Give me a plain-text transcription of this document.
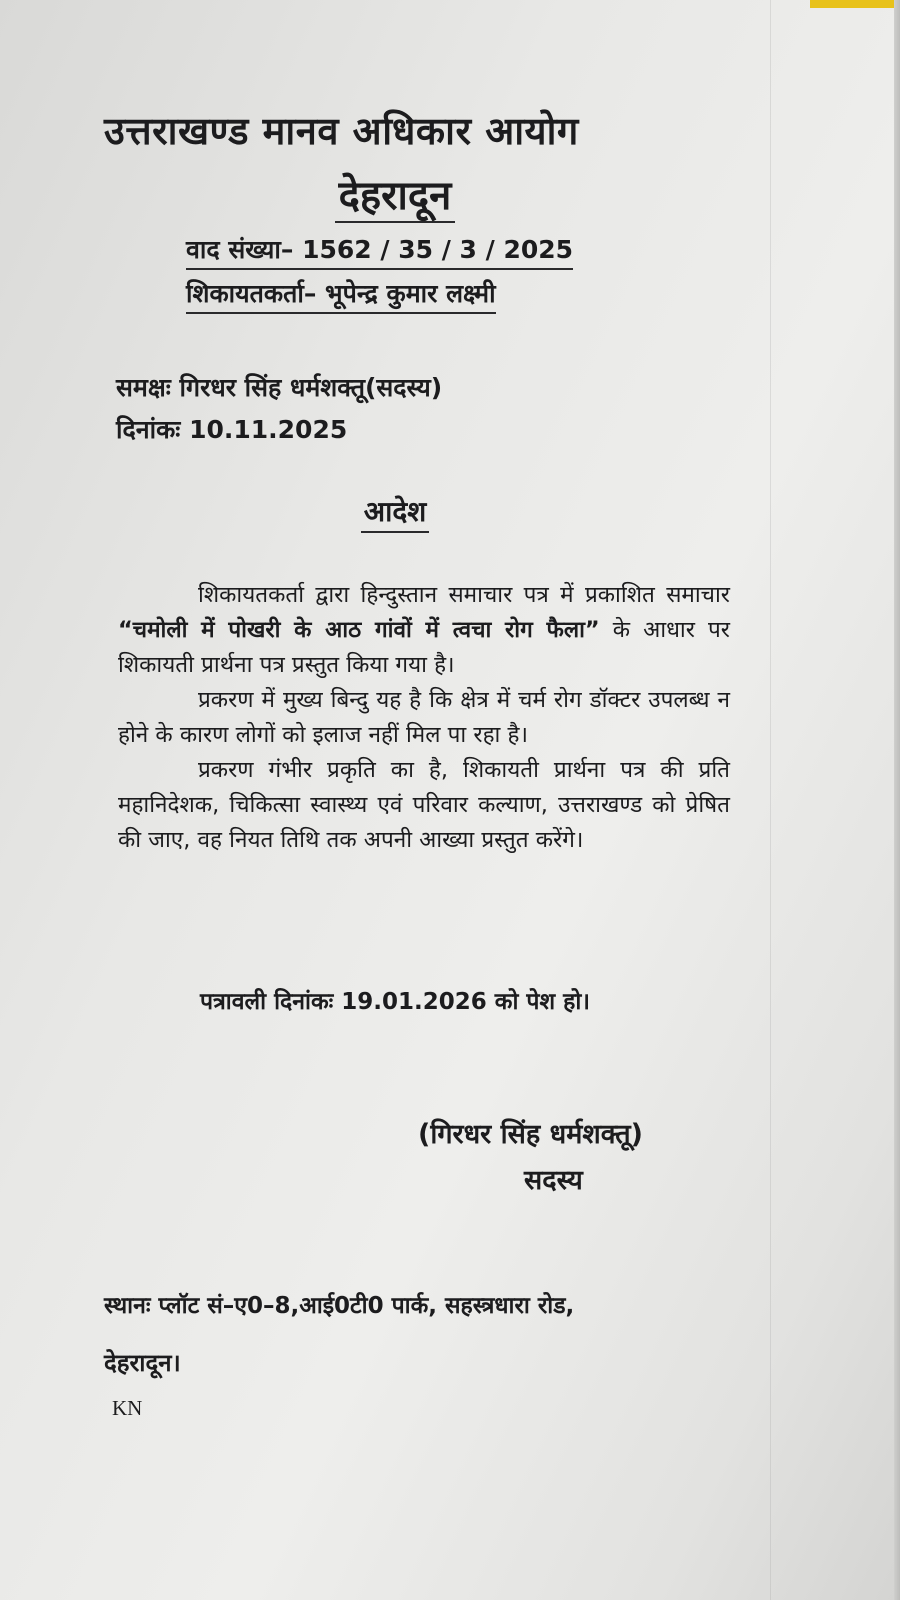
उत्तराखण्ड मानव अधिकार आयोग
देहरादून
वाद संख्या– 1562 / 35 / 3 / 2025
शिकायतकर्ता– भूपेन्द्र कुमार लक्ष्मी
समक्षः गिरधर सिंह धर्मशक्तू(सदस्य)
दिनांकः 10.11.2025
आदेश

शिकायतकर्ता द्वारा हिन्दुस्तान समाचार पत्र में प्रकाशित समाचार “चमोली में पोखरी के आठ गांवों में त्वचा रोग फैला” के आधार पर शिकायती प्रार्थना पत्र प्रस्तुत किया गया है।

प्रकरण में मुख्य बिन्दु यह है कि क्षेत्र में चर्म रोग डॉक्टर उपलब्ध न होने के कारण लोगों को इलाज नहीं मिल पा रहा है।

प्रकरण गंभीर प्रकृति का है, शिकायती प्रार्थना पत्र की प्रति महानिदेशक, चिकित्सा स्वास्थ्य एवं परिवार कल्याण, उत्तराखण्ड को प्रेषित की जाए, वह नियत तिथि तक अपनी आख्या प्रस्तुत करेंगे।

पत्रावली दिनांकः 19.01.2026 को पेश हो।
(गिरधर सिंह धर्मशक्तू)
सदस्य
स्थानः प्लॉट सं–ए0–8,आई0टी0 पार्क, सहस्त्रधारा रोड,
देहरादून।
KN
